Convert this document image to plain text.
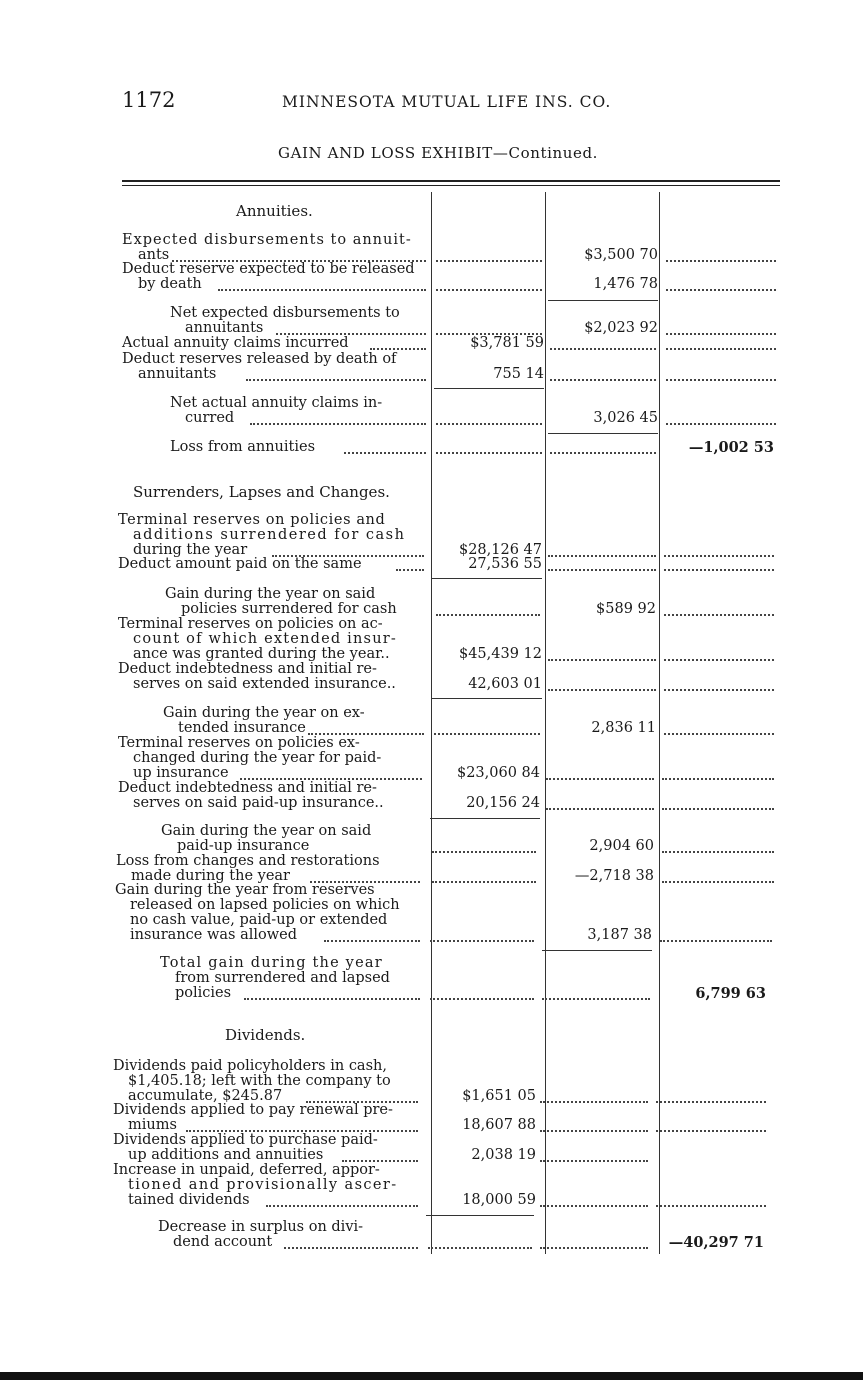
1172	MINNESOTA MUTUAL LIFE INS. CO.
GAIN AND LOSS EXHIBIT—Continued.
Annuities.
Expected disbursements to annuit-
ants	$3,500 70
Deduct reserve expected to be released
by death	1,476 78
Net expected disbursements to
annuitants	$2,023 92
Actual annuity claims incurred	$3,781 59
Deduct reserves released by death of
annuitants	755 14
Net actual annuity claims in-
curred	3,026 45
Loss from annuities	—1,002 53
Surrenders, Lapses and Changes.
Terminal reserves on policies and
additions surrendered for cash
during the year	$28,126 47
Deduct amount paid on the same	27,536 55
Gain during the year on said
policies surrendered for cash	$589 92
Terminal reserves on policies on ac-
count of which extended insur-
ance was granted during the year..	$45,439 12
Deduct indebtedness and initial re-
serves on said extended insurance..	42,603 01
Gain during the year on ex-
tended insurance	2,836 11
Terminal reserves on policies ex-
changed during the year for paid-
up insurance	$23,060 84
Deduct indebtedness and initial re-
serves on said paid-up insurance..	20,156 24
Gain during the year on said
paid-up insurance	2,904 60
Loss from changes and restorations
made during the year	—2,718 38
Gain during the year from reserves
released on lapsed policies on which
no cash value, paid-up or extended
insurance was allowed	3,187 38
Total gain during the year
from surrendered and lapsed
policies	6,799 63
Dividends.
Dividends paid policyholders in cash,
$1,405.18; left with the company to
accumulate, $245.87	$1,651 05
Dividends applied to pay renewal pre-
miums	18,607 88
Dividends applied to purchase paid-
up additions and annuities	2,038 19
Increase in unpaid, deferred, appor-
tioned and provisionally ascer-
tained dividends	18,000 59
Decrease in surplus on divi-
dend account	—40,297 71
